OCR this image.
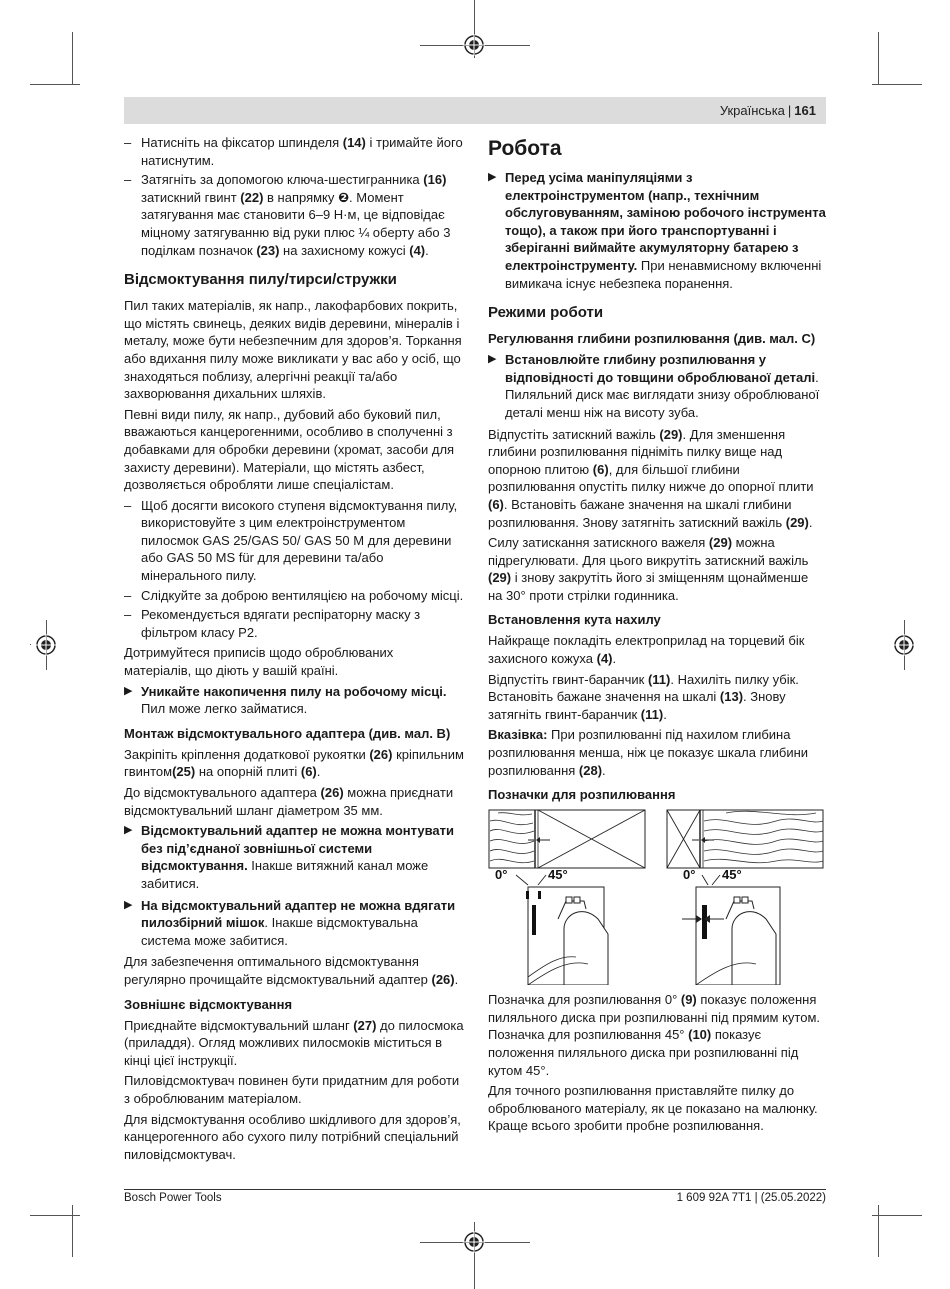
Українська | 161
– Натисніть на фіксатор шпинделя (14) і тримайте його натиснутим.
– Затягніть за допомогою ключа-шестигранника (16) затискний гвинт (22) в напрямку ❷. Момент затягування має становити 6–9 Н·м, це відповідає міцному затягуванню від руки плюс ¼ оберту або 3 поділкам позначок (23) на захисному кожусі (4).
Відсмоктування пилу/тирси/стружки

Пил таких матеріалів, як напр., лакофарбових покрить, що містять свинець, деяких видів деревини, мінералів і металу, може бути небезпечним для здоров’я. Торкання або вдихання пилу може викликати у вас або у осіб, що знаходяться поблизу, алергічні реакції та/або захворювання дихальних шляхів.

Певні види пилу, як напр., дубовий або буковий пил, вважаються канцерогенними, особливо в сполученні з добавками для обробки деревини (хромат, засоби для захисту деревини). Матеріали, що містять азбест, дозволяється обробляти лише спеціалістам.

– Щоб досягти високого ступеня відсмоктування пилу, використовуйте з цим електроінструментом пилосмок GAS 25/GAS 50/ GAS 50 M для деревини або GAS 50 MS für для деревини та/або мінерального пилу.
– Слідкуйте за доброю вентиляцією на робочому місці.
– Рекомендується вдягати респіраторну маску з фільтром класу P2.

Дотримуйтеся приписів щодо оброблюваних матеріалів, що діють у вашій країні.

▶ Уникайте накопичення пилу на робочому місці. Пил може легко займатися.
Монтаж відсмоктувального адаптера (див. мал. B)

Закріпіть кріплення додаткової рукоятки (26) кріпильним гвинтом(25) на опорній плиті (6).

До відсмоктувального адаптера (26) можна приєднати відсмоктувальний шланг діаметром 35 мм.

▶ Відсмоктувальний адаптер не можна монтувати без під’єднаної зовнішньої системи відсмоктування. Інакше витяжний канал може забитися.
▶ На відсмоктувальний адаптер не можна вдягати пилозбірний мішок. Інакше відсмоктувальна система може забитися.

Для забезпечення оптимального відсмоктування регулярно прочищайте відсмоктувальний адаптер (26).

Зовнішнє відсмоктування

Приєднайте відсмоктувальний шланг (27) до пилосмока (приладдя). Огляд можливих пилосмоків міститься в кінці цієї інструкції.

Пиловідсмоктувач повинен бути придатним для роботи з оброблюваним матеріалом.

Для відсмоктування особливо шкідливого для здоров’я, канцерогенного або сухого пилу потрібний спеціальний пиловідсмоктувач.

Робота
▶ Перед усіма маніпуляціями з електроінструментом (напр., технічним обслуговуванням, заміною робочого інструмента тощо), а також при його транспортуванні і зберіганні виймайте акумуляторну батарею з електроінструменту. При ненавмисному включенні вимикача існує небезпека поранення.
Режими роботи
Регулювання глибини розпилювання (див. мал. C)
▶ Встановлюйте глибину розпилювання у відповідності до товщини оброблюваної деталі. Пиляльний диск має виглядати знизу оброблюваної деталі менш ніж на висоту зуба.

Відпустіть затискний важіль (29). Для зменшення глибини розпилювання підніміть пилку вище над опорною плитою (6), для більшої глибини розпилювання опустіть пилку нижче до опорної плити (6). Встановіть бажане значення на шкалі глибини розпилювання. Знову затягніть затискний важіль (29).

Силу затискання затискного важеля (29) можна підрегулювати. Для цього викрутіть затискний важіль (29) і знову закрутіть його зі зміщенням щонайменше на 30° проти стрілки годинника.

Встановлення кута нахилу

Найкраще покладіть електроприлад на торцевий бік захисного кожуха (4).

Відпустіть гвинт-баранчик (11). Нахиліть пилку убік. Встановіть бажане значення на шкалі (13). Знову затягніть гвинт-баранчик (11).

Вказівка: При розпилюванні під нахилом глибина розпилювання менша, ніж це показує шкала глибини розпилювання (28).

Позначки для розпилювання
0°	45°	0° 45°

Позначка для розпилювання 0° (9) показує положення пиляльного диска при розпилюванні під прямим кутом. Позначка для розпилювання 45° (10) показує положення пиляльного диска при розпилюванні під кутом 45°.

Для точного розпилювання приставляйте пилку до оброблюваного матеріалу, як це показано на малюнку. Краще всього зробити пробне розпилювання.

Bosch Power Tools	1 609 92A 7T1 | (25.05.2022)
